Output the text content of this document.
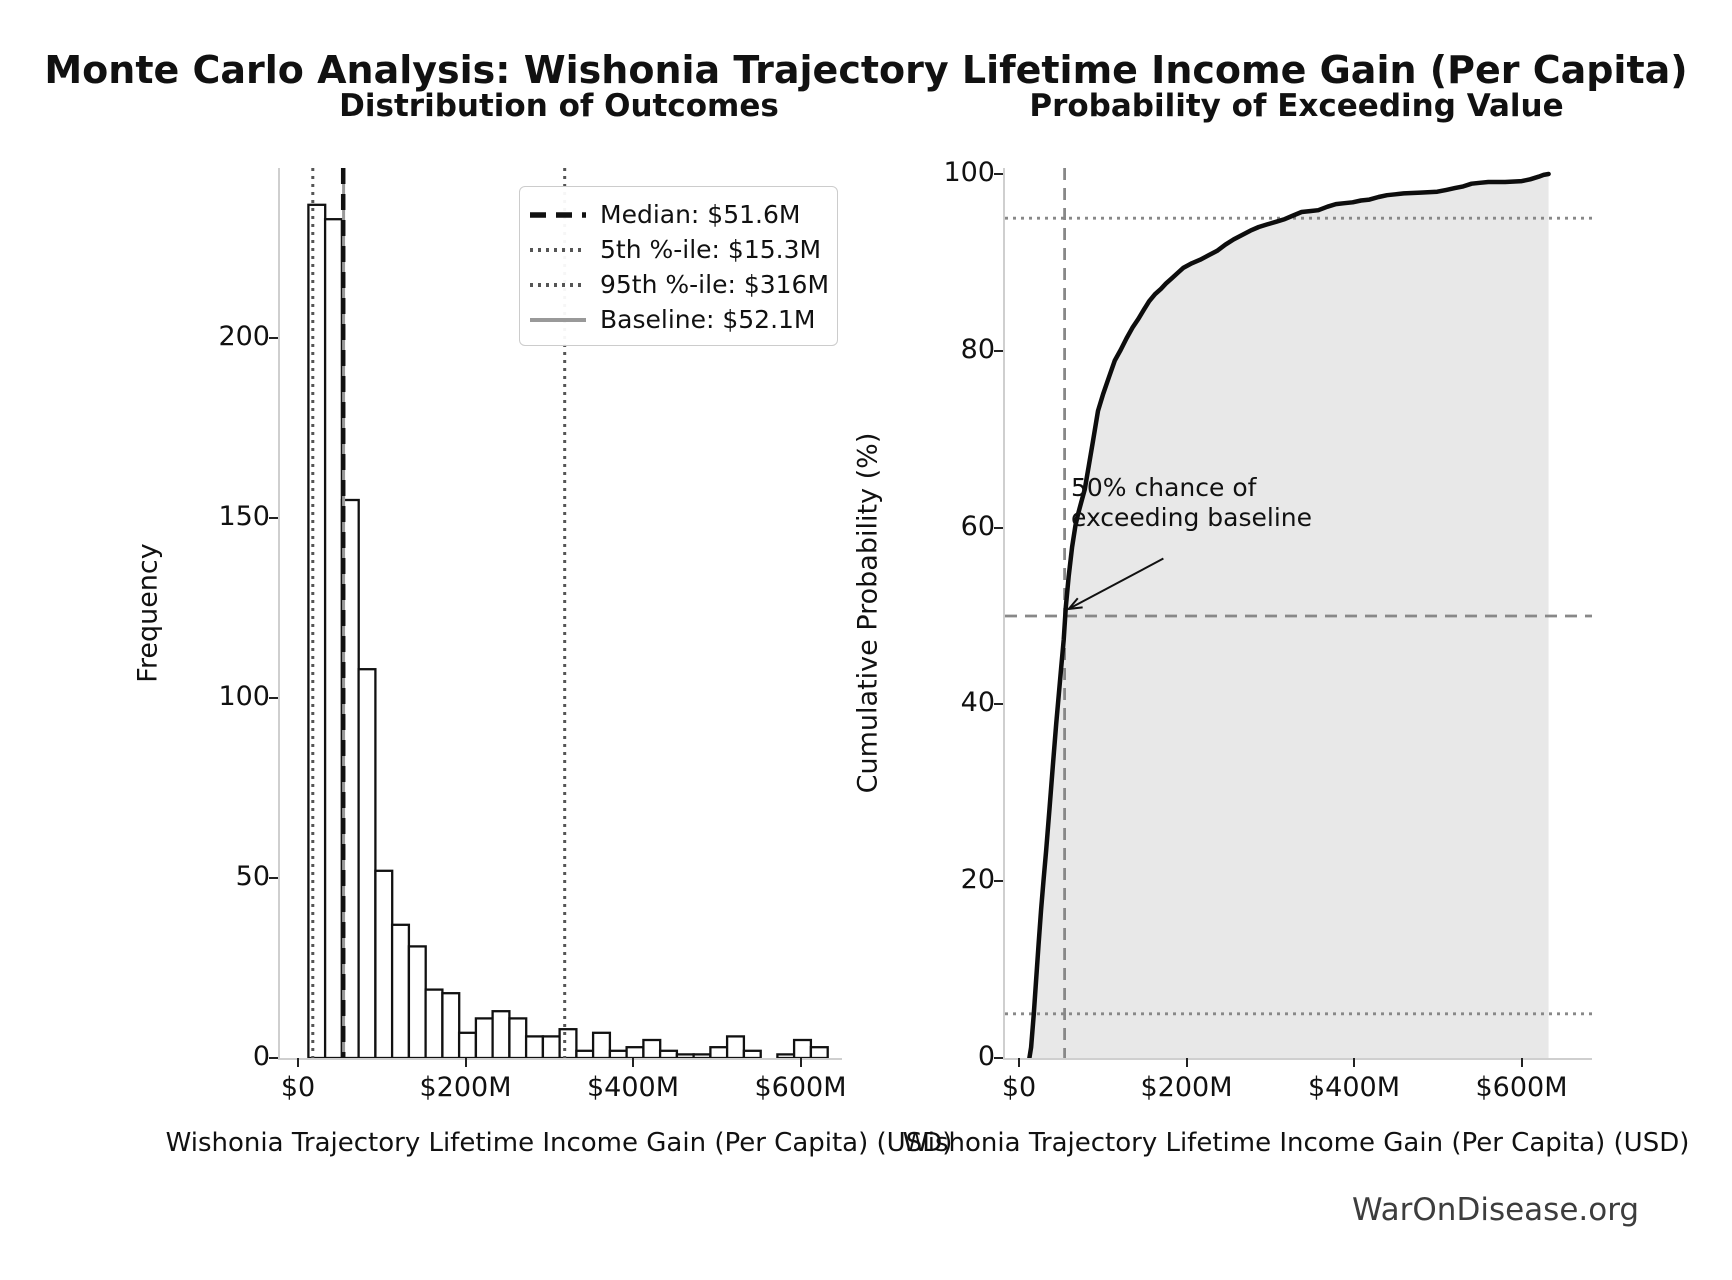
Monte Carlo Analysis: Wishonia Trajectory Lifetime Income Gain (Per Capita)
Distribution of Outcomes	Probability of Exceeding Value
Frequency	Cumulative Probability (%)
Wishonia Trajectory Lifetime Income Gain (Per Capita) (USD)
Wishonia Trajectory Lifetime Income Gain (Per Capita) (USD)
Median: $51.6M
5th %-ile: $15.3M
95th %-ile: $316M
Baseline: $52.1M
50% chance of
exceeding baseline
$0	$200M	$400M	$600M
0
50
100
150
200
$0	$200M	$400M	$600M
0
20
40
60
80
100
WarOnDisease.org
